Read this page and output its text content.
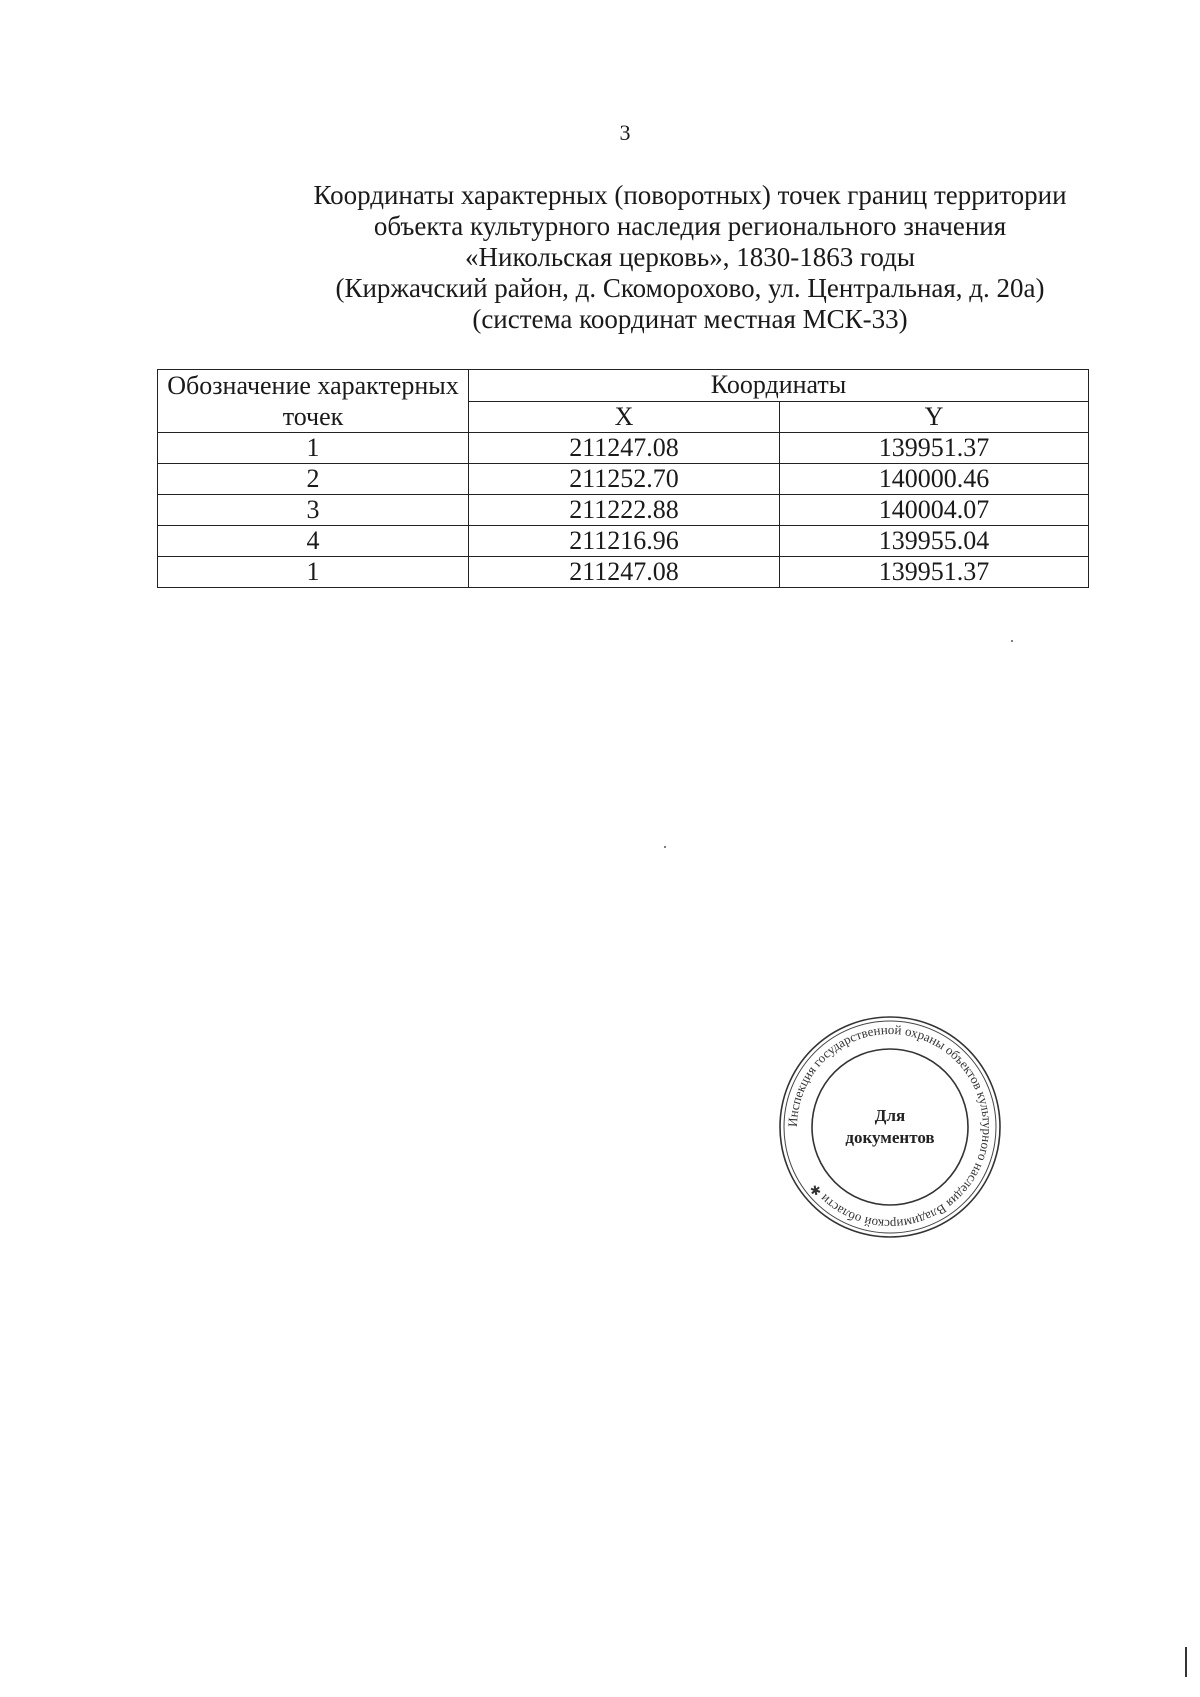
3
Координаты характерных (поворотных) точек границ территории
объекта культурного наследия регионального значения
«Никольская церковь», 1830-1863 годы
(Киржачский район, д. Скоморохово, ул. Центральная, д. 20а)
(система координат местная МСК-33)
Обозначение характерных точек	Координаты	
	X	Y
1	211247.08	139951.37
2	211252.70	140000.46
3	211222.88	140004.07
4	211216.96	139955.04
1	211247.08	139951.37
Инспекция государственной охраны объектов культурного наследия Владимирской области ✱
Для
документов
